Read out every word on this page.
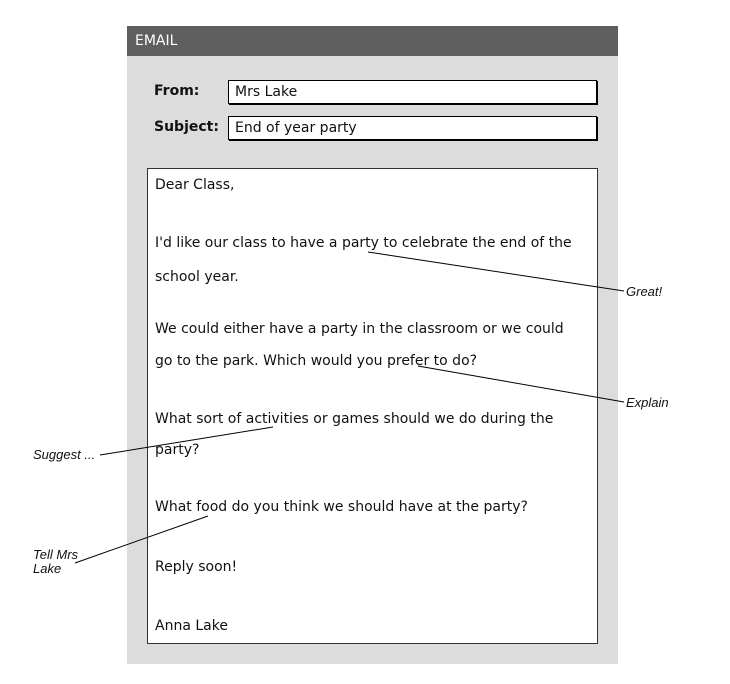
EMAIL
From:	Mrs Lake
Subject:	End of year party
Dear Class,
I'd like our class to have a party to celebrate the end of the
school year.
We could either have a party in the classroom or we could
go to the park. Which would you prefer to do?
What sort of activities or games should we do during the
party?
What food do you think we should have at the party?
Reply soon!
Anna Lake
Great!
Explain
Suggest ...
Tell Mrs
Lake
